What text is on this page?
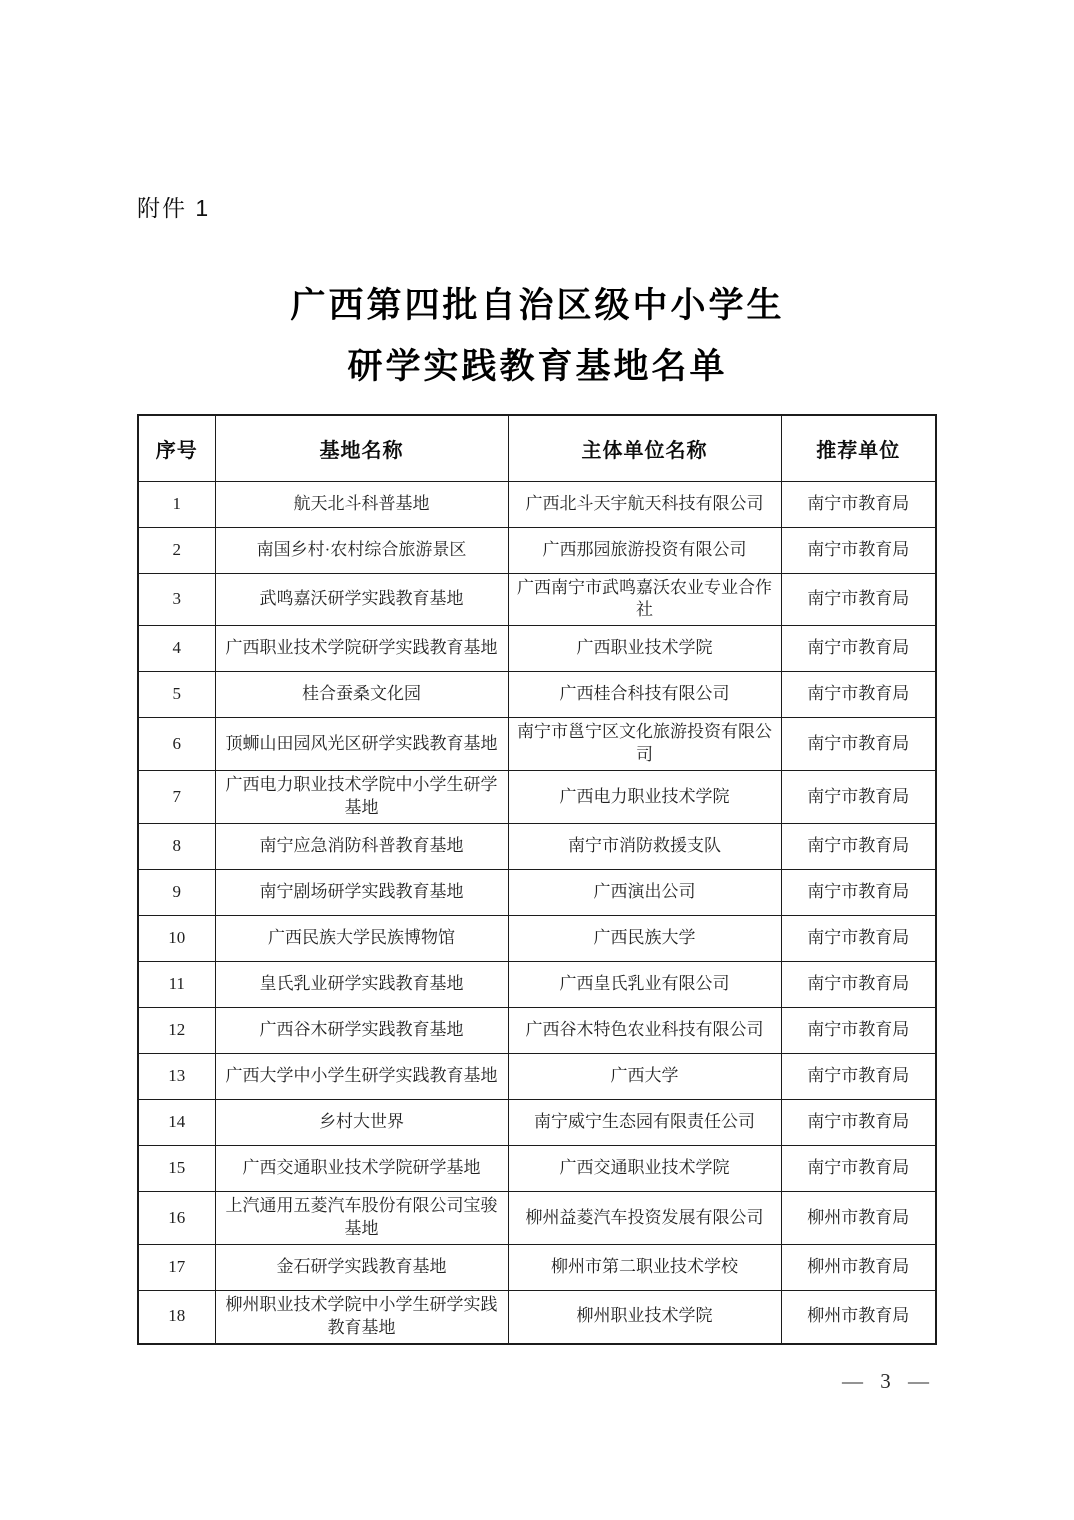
附件 1
广西第四批自治区级中小学生
研学实践教育基地名单
序号	基地名称	主体单位名称	推荐单位
1	航天北斗科普基地	广西北斗天宇航天科技有限公司	南宁市教育局
2	南国乡村·农村综合旅游景区	广西那园旅游投资有限公司	南宁市教育局
3	武鸣嘉沃研学实践教育基地	广西南宁市武鸣嘉沃农业专业合作社	南宁市教育局
4	广西职业技术学院研学实践教育基地	广西职业技术学院	南宁市教育局
5	桂合蚕桑文化园	广西桂合科技有限公司	南宁市教育局
6	顶蛳山田园风光区研学实践教育基地	南宁市邕宁区文化旅游投资有限公司	南宁市教育局
7	广西电力职业技术学院中小学生研学基地	广西电力职业技术学院	南宁市教育局
8	南宁应急消防科普教育基地	南宁市消防救援支队	南宁市教育局
9	南宁剧场研学实践教育基地	广西演出公司	南宁市教育局
10	广西民族大学民族博物馆	广西民族大学	南宁市教育局
11	皇氏乳业研学实践教育基地	广西皇氏乳业有限公司	南宁市教育局
12	广西谷木研学实践教育基地	广西谷木特色农业科技有限公司	南宁市教育局
13	广西大学中小学生研学实践教育基地	广西大学	南宁市教育局
14	乡村大世界	南宁威宁生态园有限责任公司	南宁市教育局
15	广西交通职业技术学院研学基地	广西交通职业技术学院	南宁市教育局
16	上汽通用五菱汽车股份有限公司宝骏基地	柳州益菱汽车投资发展有限公司	柳州市教育局
17	金石研学实践教育基地	柳州市第二职业技术学校	柳州市教育局
18	柳州职业技术学院中小学生研学实践教育基地	柳州职业技术学院	柳州市教育局
— 3 —
